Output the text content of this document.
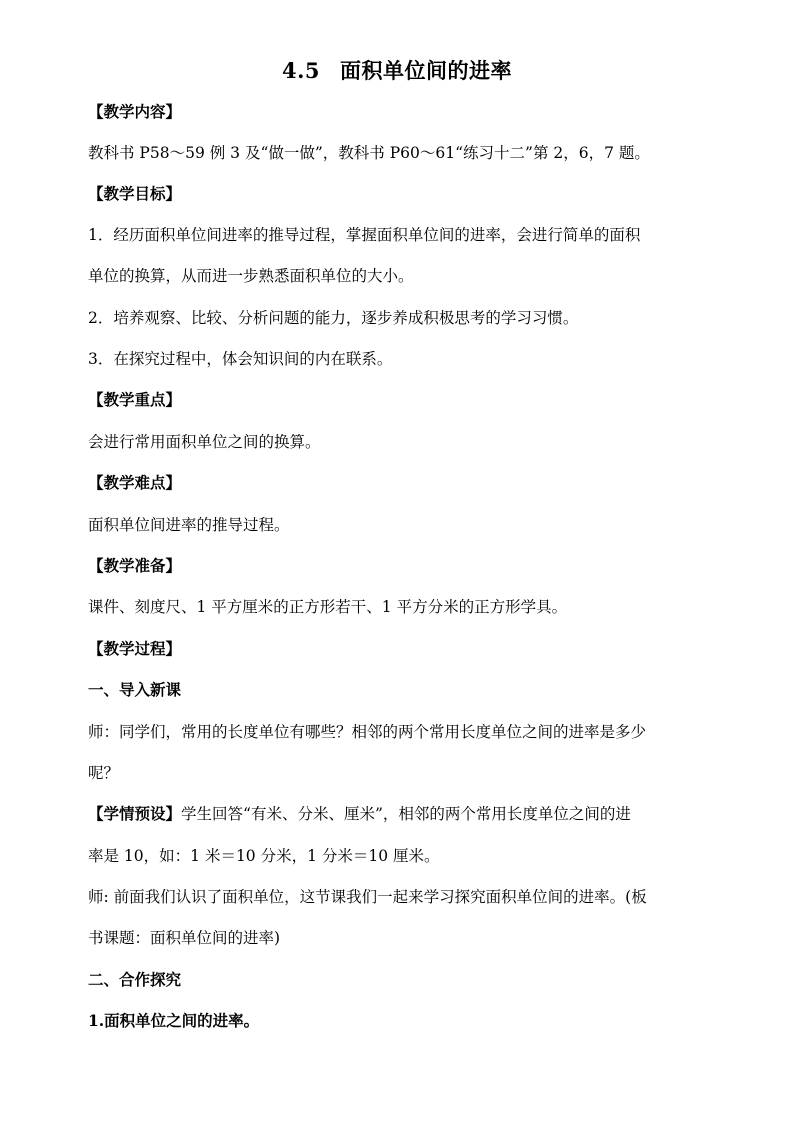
4.5 面积单位间的进率
【教学内容】
教科书 P58～59 例 3 及“做一做”，教科书 P60～61“练习十二”第 2，6，7 题。
【教学目标】
1．经历面积单位间进率的推导过程，掌握面积单位间的进率，会进行简单的面积
单位的换算，从而进一步熟悉面积单位的大小。
2．培养观察、比较、分析问题的能力，逐步养成积极思考的学习习惯。
3．在探究过程中，体会知识间的内在联系。
【教学重点】
会进行常用面积单位之间的换算。
【教学难点】
面积单位间进率的推导过程。
【教学准备】
课件、刻度尺、1 平方厘米的正方形若干、1 平方分米的正方形学具。
【教学过程】
一、导入新课
师：同学们，常用的长度单位有哪些？相邻的两个常用长度单位之间的进率是多少
呢？
【学情预设】学生回答“有米、分米、厘米”，相邻的两个常用长度单位之间的进
率是 10，如：1 米＝10 分米，1 分米＝10 厘米。
师: 前面我们认识了面积单位，这节课我们一起来学习探究面积单位间的进率。(板
书课题：面积单位间的进率)
二、合作探究
1.面积单位之间的进率。
